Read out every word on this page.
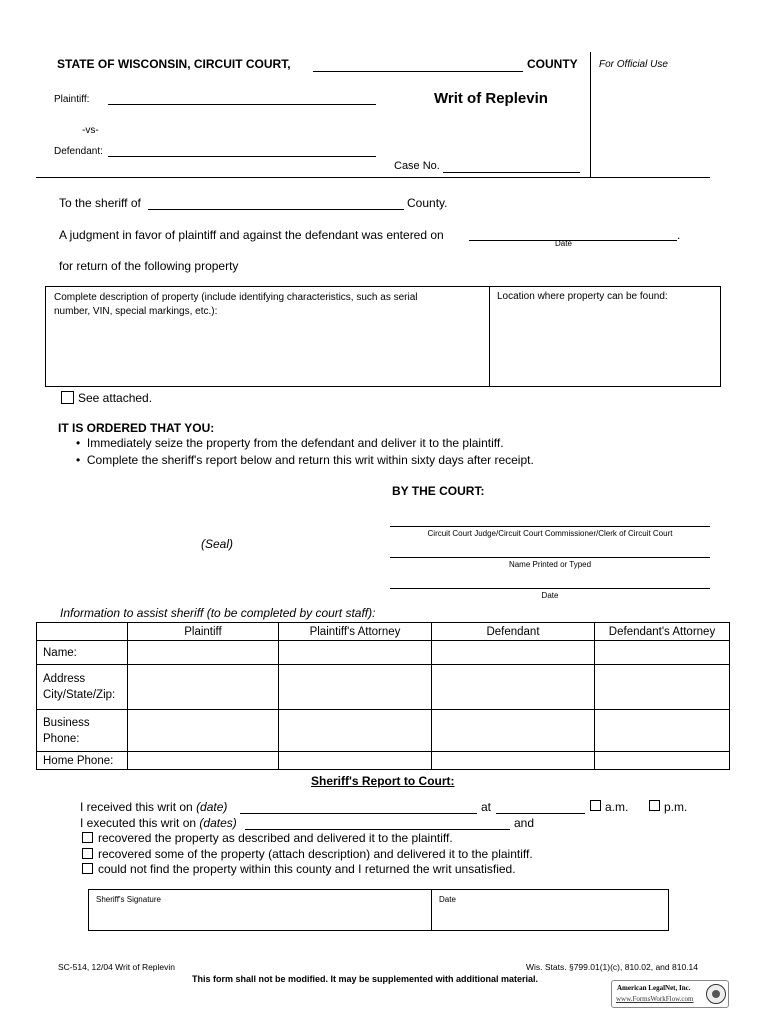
STATE OF WISCONSIN, CIRCUIT COURT,	COUNTY For Official Use
Plaintiff:	Writ of Replevin
-vs-
Defendant:
Case No.
To the sheriff of	County.
A judgment in favor of plaintiff and against the defendant was entered on	.
Date
for return of the following property
Complete description of property (include identifying characteristics, such as serial number, VIN, special markings, etc.):
Location where property can be found:
See attached.
IT IS ORDERED THAT YOU:
•  Immediately seize the property from the defendant and deliver it to the plaintiff.
•  Complete the sheriff's report below and return this writ within sixty days after receipt.
BY THE COURT:
Circuit Court Judge/Circuit Court Commissioner/Clerk of Circuit Court
(Seal)
Name Printed or Typed
Date
Information to assist sheriff (to be completed by court staff):
	Plaintiff	Plaintiff's Attorney	Defendant	Defendant's Attorney
Name:				
Address City/State/Zip:				
Business Phone:				
Home Phone:				
Sheriff's Report to Court:
I received this writ on (date)	at	a.m.	p.m.
I executed this writ on (dates)	and
recovered the property as described and delivered it to the plaintiff.
recovered some of the property (attach description) and delivered it to the plaintiff.
could not find the property within this county and I returned the writ unsatisfied.
Sheriff's Signature	Date
SC-514, 12/04 Writ of Replevin	Wis. Stats. §799.01(1)(c), 810.02, and 810.14
This form shall not be modified. It may be supplemented with additional material.
American LegalNet, Inc.
www.FormsWorkFlow.com
